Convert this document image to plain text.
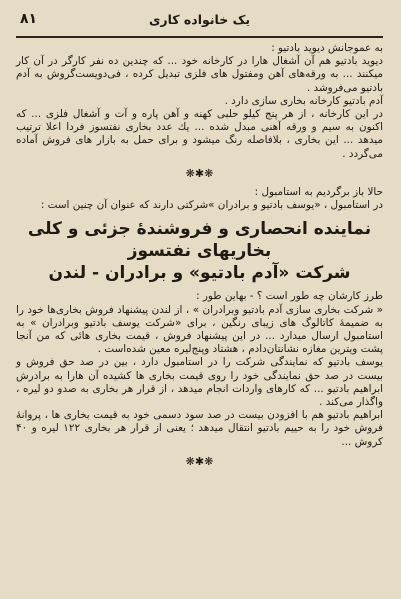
یک خانواده کاری
۸۱

به عموجانش دیوید بادتیو :

دیوید بادتیو هم آن آشغال هارا در کارخانه خود ... که چندین ده نفر کارگر در آن کار میکنند ... به ورقه‌های آهن ومفتول های فلزی تبدیل کرده ، فی‌دویست‌گروش به آدم بادتیو می‌فروشد .

آدم بادتیو کارخانه بخاری سازی دارد .

در این کارخانه ، از هر پنج کیلو حلبی کهنه و آهن پاره و آت و آشغال فلزی ... که اکنون به سیم و ورقه آهنی مبدل شده ... یك عدد بخاری نفتسوز فردا اعلا ترتیب میدهد ... این بخاری ، بلافاصله رنگ میشود و برای حمل به بازار های فروش آماده می‌گردد .

❋✱❋

حالا باز برگردیم به استامبول :

در استامبول ، «یوسف بادتیو و برادران »شرکتی دارند که عنوان آن چنین است :

نماینده انحصاری و فروشندهٔ جزئی و کلی

بخاریهای نفتسوز

شرکت «آدم بادتیو» و برادران - لندن

طرز کارشان چه طور است ؟ - بهاین طور :

« شرکت بخاری سازی آدم بادتیو وبرادران » ، از لندن پیشنهاد فروش بخاری‌ها خود را به ضمیمهٔ کاتالوگ های زیبای رنگین ، برای «شرکت یوسف بادتیو وبرادران » به استامبول ارسال میدارد ... در این پیشنهاد فروش ، قیمت بخاری هائی که من آنجا پشت ویترین مغازه نشانتان‌دادم ، هشتاد وپنج‌لیره معین شده‌است .

یوسف بادتیو که نمایندگی شرکت را در استامبول دارد ، بین در صد حق فروش و بیست در صد حق نمایندگی خود را روی قیمت بخاری ها کشیده آن هارا به برادرش ابراهیم بادتیو ... که کارهای واردات انجام میدهد ، از قرار هر بخاری به صدو دو لیره ، واگذار می‌کند .

ابراهیم بادتیو هم با افزودن بیست در صد سود دسمی خود به قیمت بخاری ها ، پروانهٔ فروش خود را به حییم بادتیو انتقال میدهد ؛ یعنی از قرار هر بخاری ۱۲۲ لیره و ۴۰ کروش ...

❋✱❋
